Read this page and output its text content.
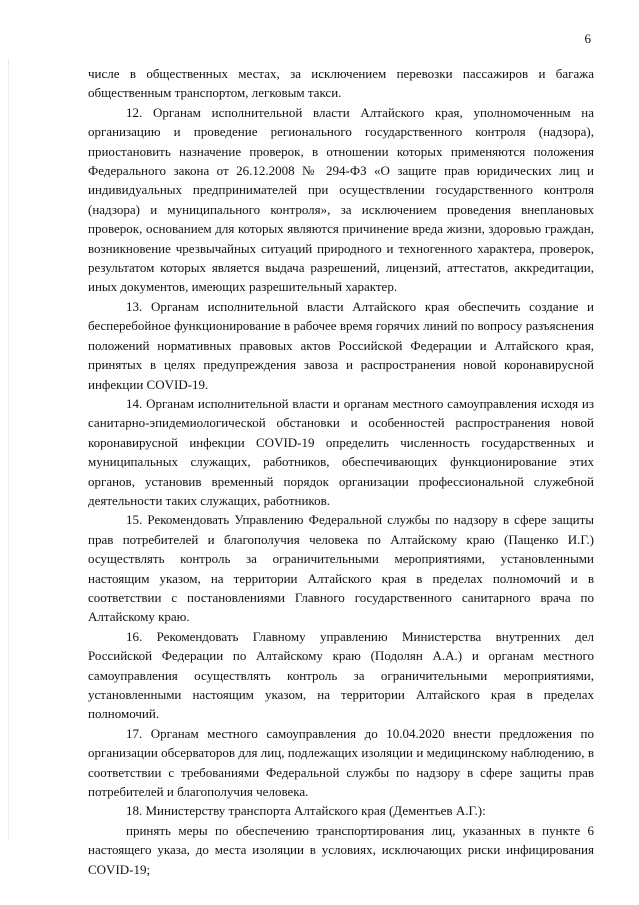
6

числе в общественных местах, за исключением перевозки пассажиров и багажа общественным транспортом, легковым такси.

12. Органам исполнительной власти Алтайского края, уполномоченным на организацию и проведение регионального государственного контроля (надзора), приостановить назначение проверок, в отношении которых применяются положения Федерального закона от 26.12.2008 № 294-ФЗ «О защите прав юридических лиц и индивидуальных предпринимателей при осуществлении государственного контроля (надзора) и муниципального контроля», за исключением проведения внеплановых проверок, основанием для которых являются причинение вреда жизни, здоровью граждан, возникновение чрезвычайных ситуаций природного и техногенного характера, проверок, результатом которых является выдача разрешений, лицензий, аттестатов, аккредитации, иных документов, имеющих разрешительный характер.

13. Органам исполнительной власти Алтайского края обеспечить создание и бесперебойное функционирование в рабочее время горячих линий по вопросу разъяснения положений нормативных правовых актов Российской Федерации и Алтайского края, принятых в целях предупреждения завоза и распространения новой коронавирусной инфекции COVID-19.

14. Органам исполнительной власти и органам местного самоуправления исходя из санитарно-эпидемиологической обстановки и особенностей распространения новой коронавирусной инфекции COVID-19 определить численность государственных и муниципальных служащих, работников, обеспечивающих функционирование этих органов, установив временный порядок организации профессиональной служебной деятельности таких служащих, работников.

15. Рекомендовать Управлению Федеральной службы по надзору в сфере защиты прав потребителей и благополучия человека по Алтайскому краю (Пащенко И.Г.) осуществлять контроль за ограничительными мероприятиями, установленными настоящим указом, на территории Алтайского края в пределах полномочий и в соответствии с постановлениями Главного государственного санитарного врача по Алтайскому краю.

16. Рекомендовать Главному управлению Министерства внутренних дел Российской Федерации по Алтайскому краю (Подолян А.А.) и органам местного самоуправления осуществлять контроль за ограничительными мероприятиями, установленными настоящим указом, на территории Алтайского края в пределах полномочий.

17. Органам местного самоуправления до 10.04.2020 внести предложения по организации обсерваторов для лиц, подлежащих изоляции и медицинскому наблюдению, в соответствии с требованиями Федеральной службы по надзору в сфере защиты прав потребителей и благополучия человека.

18. Министерству транспорта Алтайского края (Дементьев А.Г.):

принять меры по обеспечению транспортирования лиц, указанных в пункте 6 настоящего указа, до места изоляции в условиях, исключающих риски инфицирования COVID-19;
